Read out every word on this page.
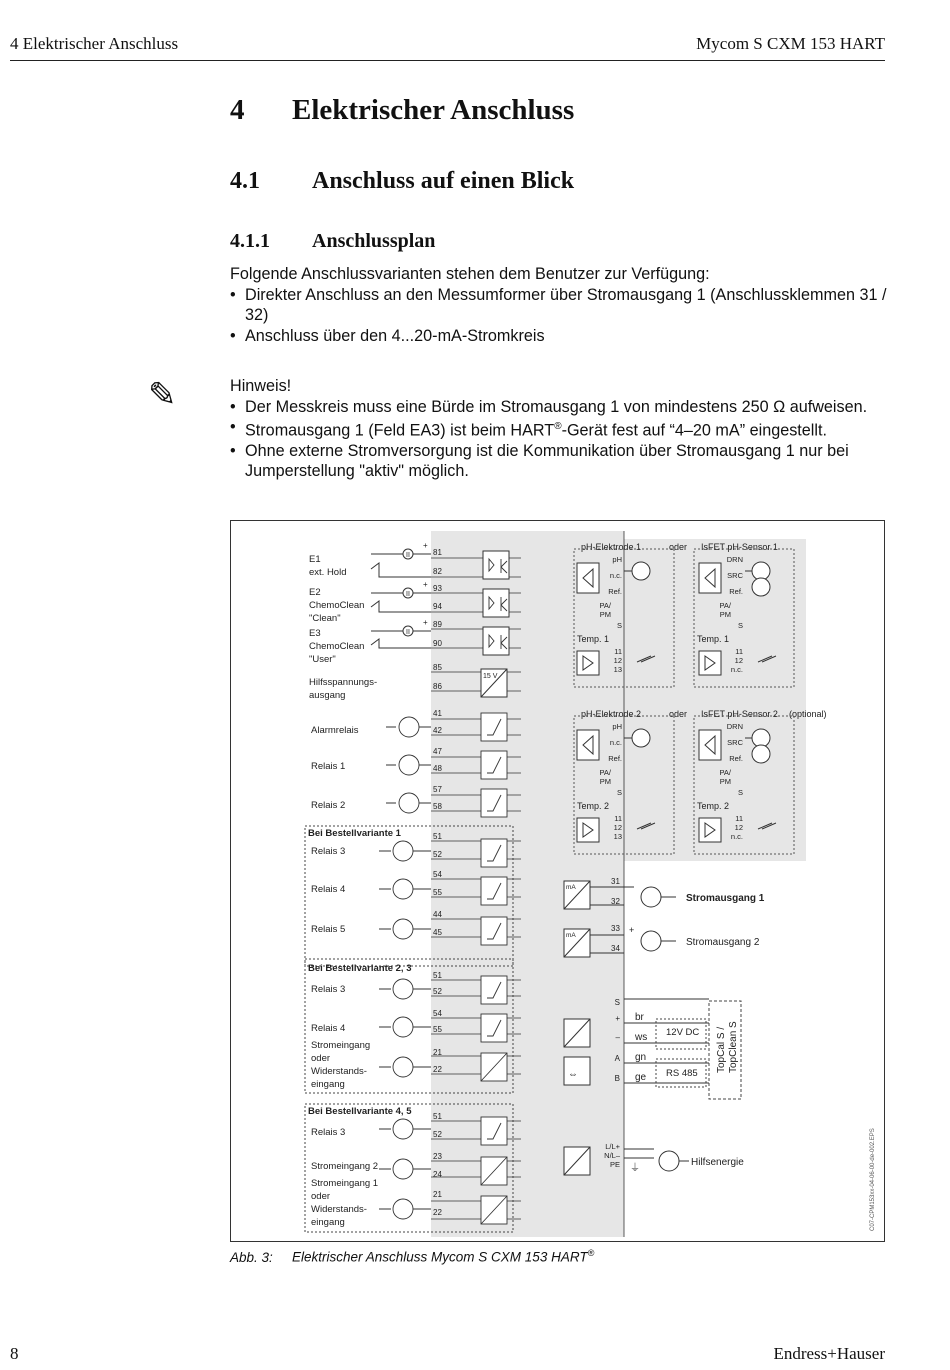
4 Elektrischer Anschluss	Mycom S CXM 153 HART
4 Elektrischer Anschluss
4.1 Anschluss auf einen Blick
4.1.1 Anschlussplan
Folgende Anschlussvarianten stehen dem Benutzer zur Verfügung:
• Direkter Anschluss an den Messumformer über Stromausgang 1 (Anschlussklemmen 31 / 32)
• Anschluss über den 4...20-mA-Stromkreis
✎	Hinweis!
• Der Messkreis muss eine Bürde im Stromausgang 1 von mindestens 250 Ω aufweisen.
• Stromausgang 1 (Feld EA3) ist beim HART®-Gerät fest auf “4–20 mA” eingestellt.
• Ohne externe Stromversorgung ist die Kommunikation über Stromausgang 1 nur bei Jumperstellung "aktiv" möglich.
E1
ext. Hold
81
82
II
+
E2
ChemoClean
"Clean"
93
94
II
+
E3
ChemoClean
"User"
89
90
II
+
Hilfsspannungs-
ausgang
85
86
15 V
Alarmrelais
41
42
Relais 1
47
48
Relais 2
57
58
Bei Bestellvariante 1
Relais 3
Relais 4
Relais 5
51
52
54
55
44
45
Bei Bestellvariante 2, 3
Relais 3
Relais 4
Stromeingang
oder
Widerstands-
eingang
51
52
54
55
21
22
Bei Bestellvariante 4, 5
Relais 3
Stromeingang 2
Stromeingang 1
oder
Widerstands-
eingang
51
52
23
24
21
22
pH-Elektrode 1	oder IsFET pH-Sensor 1
Temp. 1	Temp. 1
pH
n.c.
Ref.
PA/
PM
S
11
12
13
DRN
SRC
Ref.
PA/
PM
S
11
12
n.c.
pH-Elektrode 2	oder IsFET pH-Sensor 2 (optional)
Temp. 2	Temp. 2
pH
n.c.
Ref.
PA/
PM
S
11
12
13
DRN
SRC
Ref.
PA/
PM
S
11
12
n.c.
mA
31
32	Stromausgang 1
mA
33
34
+
Stromausgang 2
⇔
S
+
–
A
B
br
ws
gn
ge
12V DC
RS 485
TopCal S / TopClean S
L/L+
N/L–
PE ⏚
Hilfsenergie	C07-CPM153xx-04-06-00-de-002.EPS
Abb. 3: Elektrischer Anschluss Mycom S CXM 153 HART®
8	Endress+Hauser
